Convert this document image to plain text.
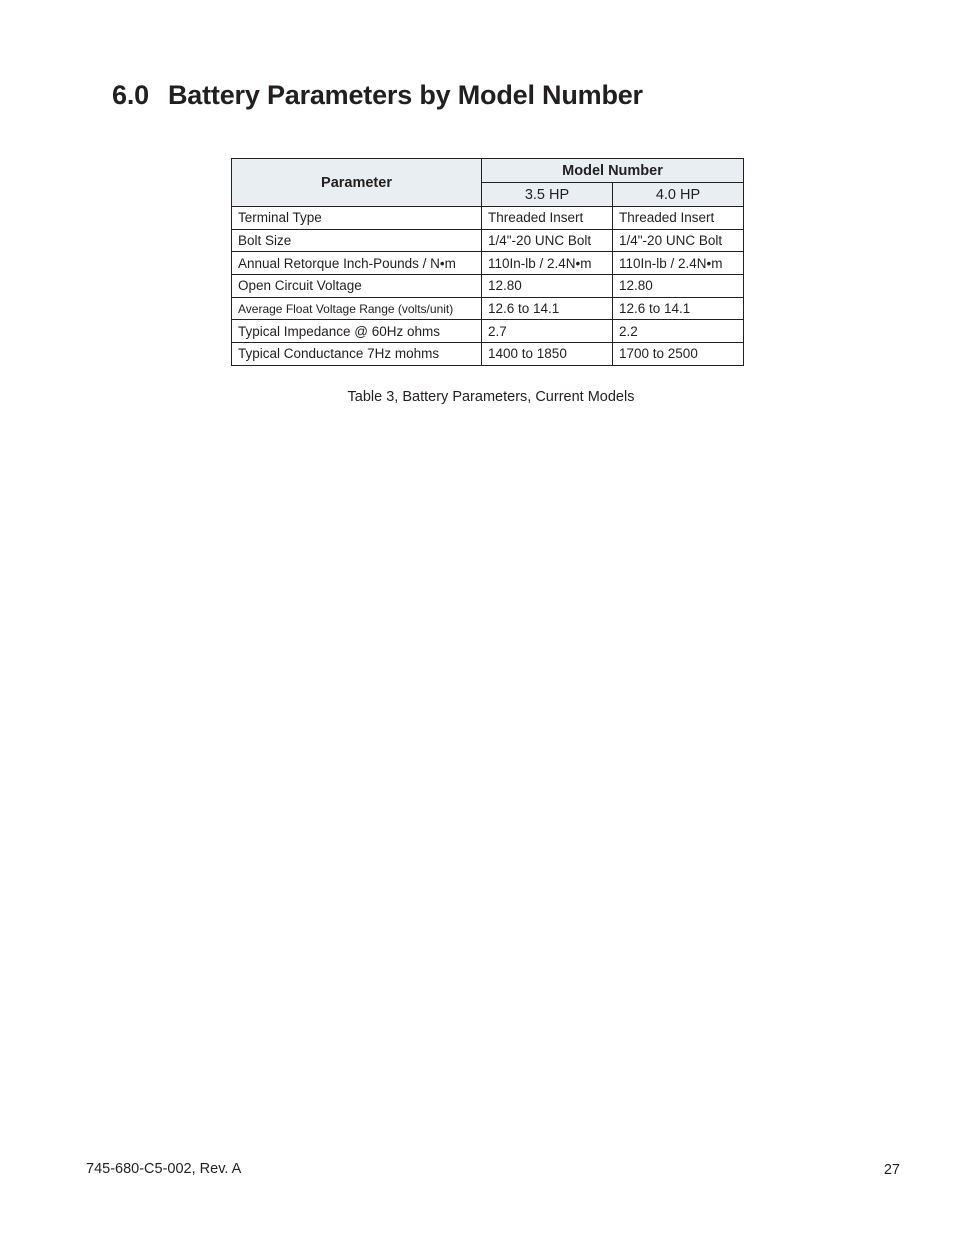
6.0 Battery Parameters by Model Number
Parameter	Model Number	
	3.5 HP	4.0 HP
Terminal Type	Threaded Insert	Threaded Insert
Bolt Size	1/4"-20 UNC Bolt	1/4"-20 UNC Bolt
Annual Retorque Inch-Pounds / N•m	110In-lb / 2.4N•m	110In-lb / 2.4N•m
Open Circuit Voltage	12.80	12.80
Average Float Voltage Range (volts/unit)	12.6 to 14.1	12.6 to 14.1
Typical Impedance @ 60Hz ohms	2.7	2.2
Typical Conductance 7Hz mohms	1400 to 1850	1700 to 2500

Table 3, Battery Parameters, Current Models

745-680-C5-002, Rev. A	27
